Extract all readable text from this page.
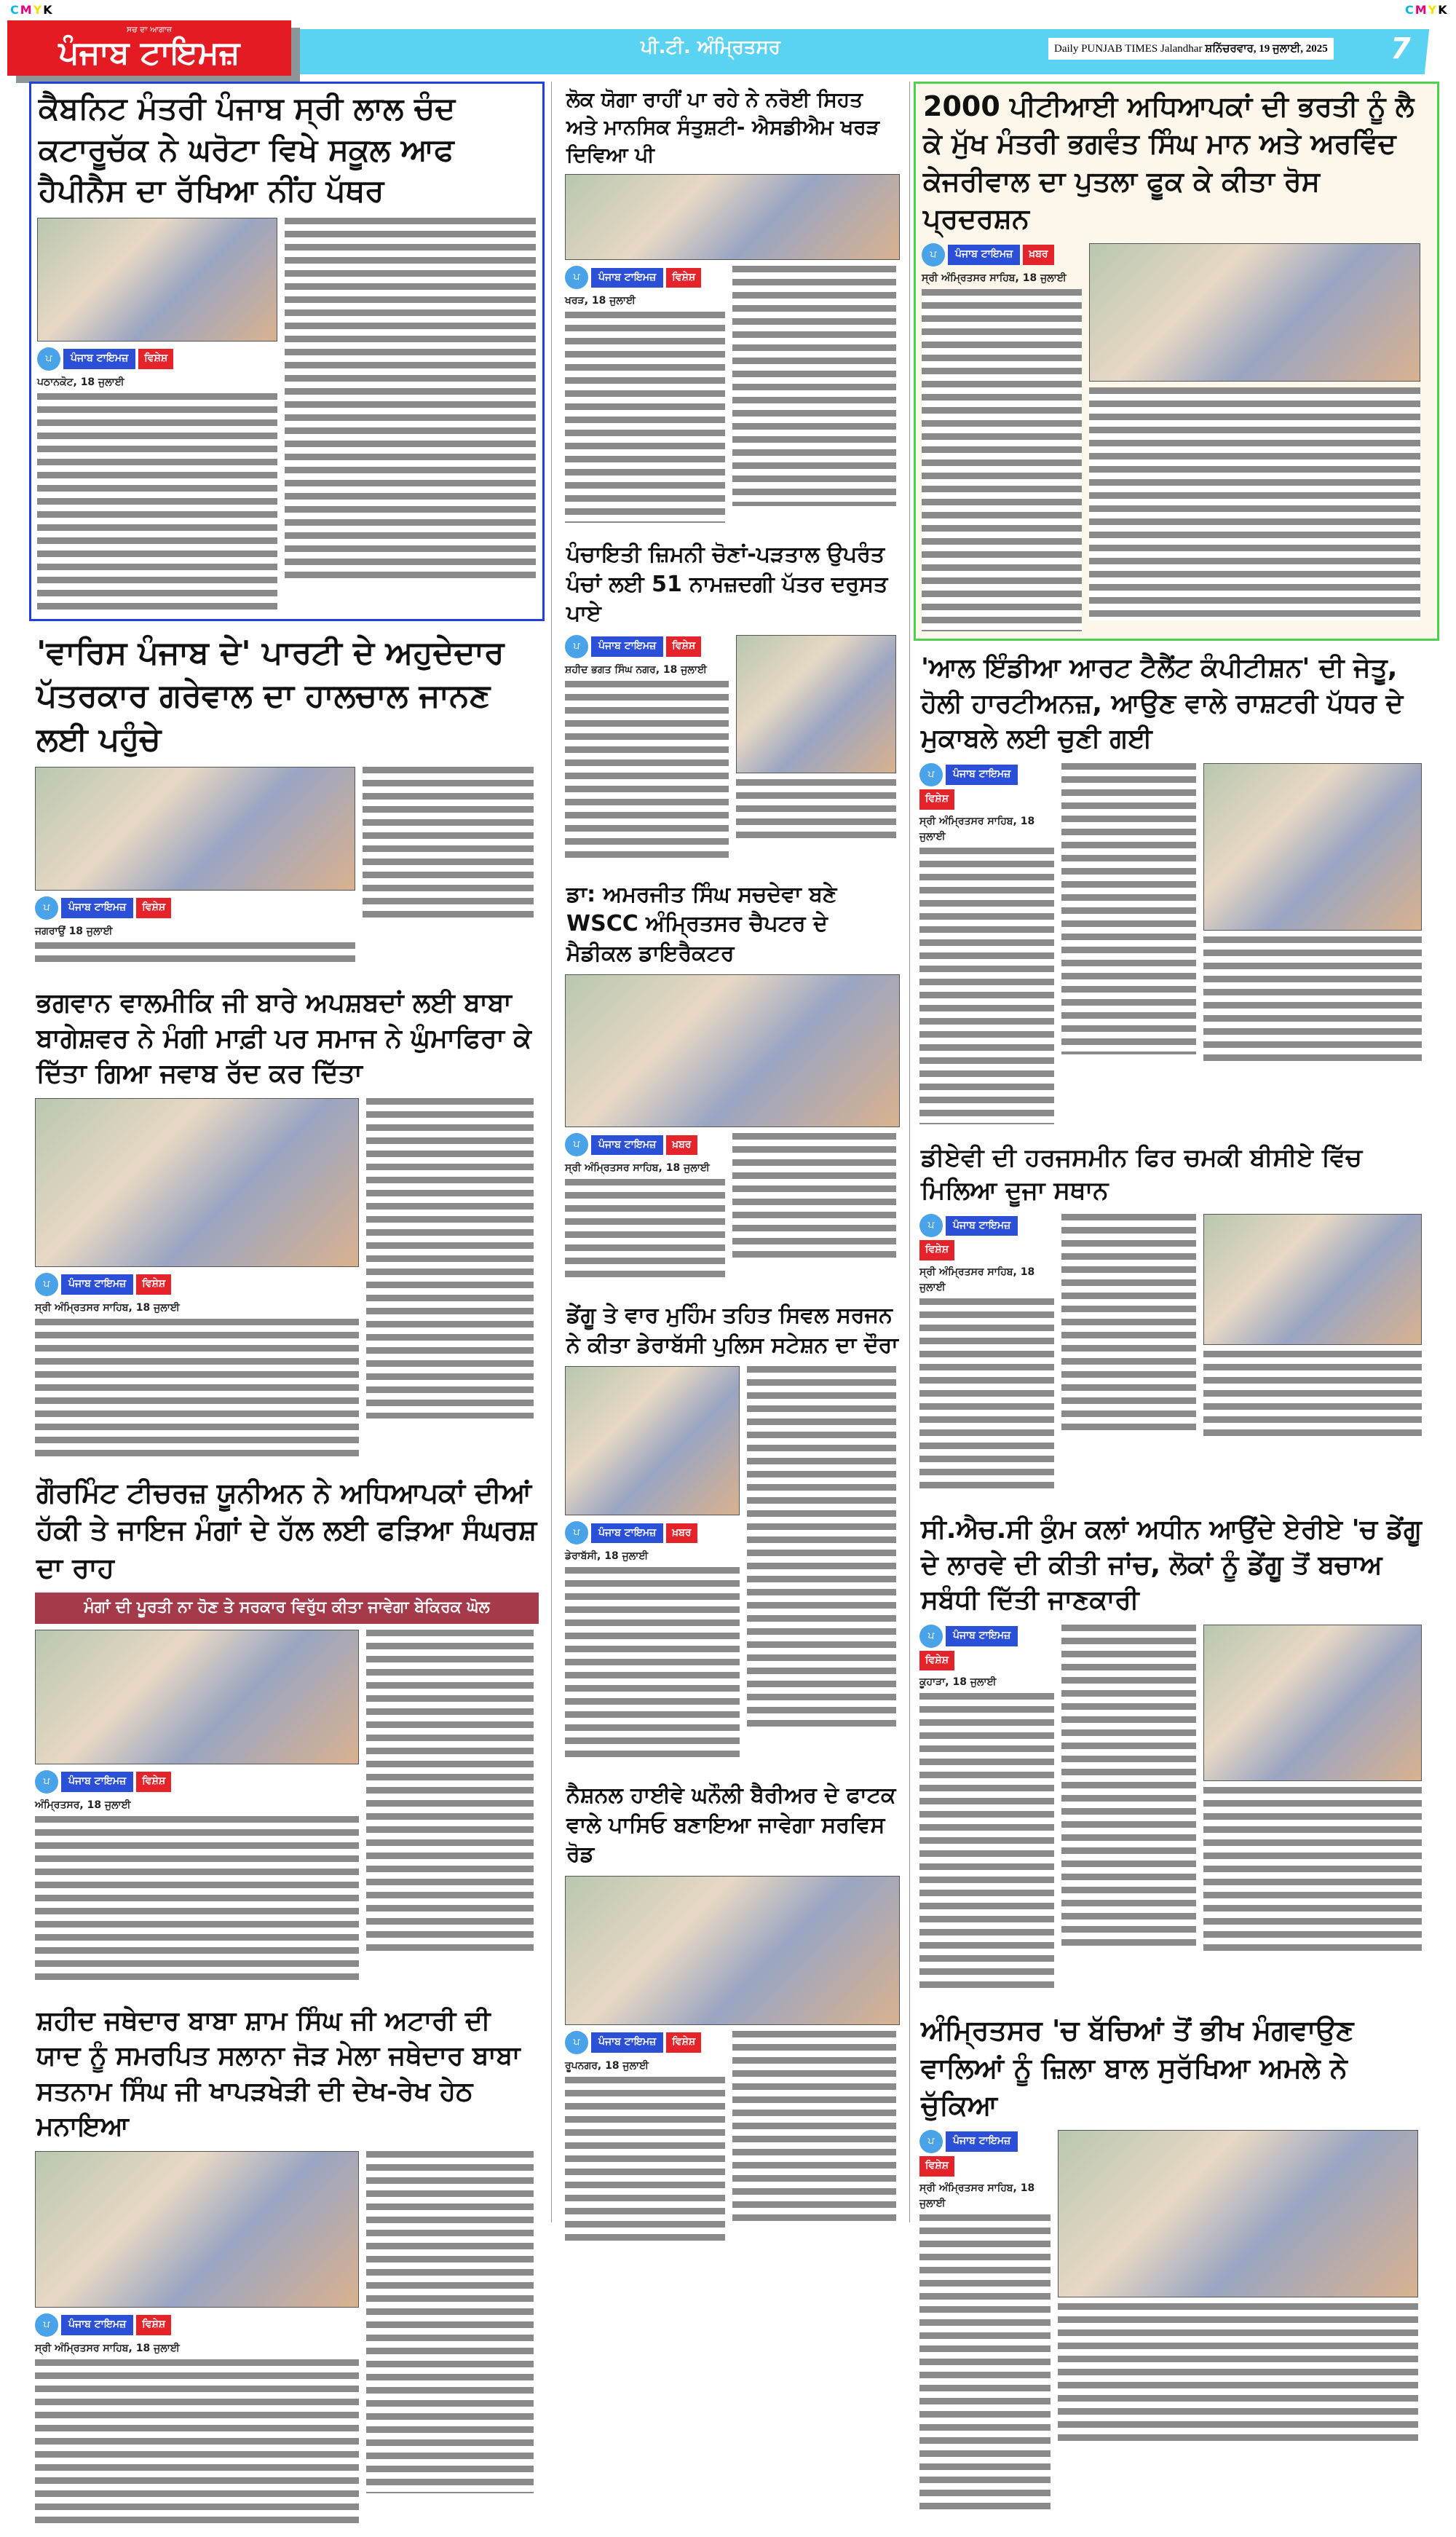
CMYK	CMYK
ਸਚ ਦਾ ਆਗਾਜ਼
ਪੰਜਾਬ ਟਾਇਮਜ਼	ਪੀ.ਟੀ. ਅੰਮ੍ਰਿਤਸਰ	Daily PUNJAB TIMES Jalandhar ਸ਼ਨਿੱਚਰਵਾਰ, 19 ਜੁਲਾਈ, 2025 7
ਕੈਬਨਿਟ ਮੰਤਰੀ ਪੰਜਾਬ ਸ੍ਰੀ ਲਾਲ ਚੰਦ ਕਟਾਰੂਚੱਕ ਨੇ ਘਰੋਟਾ ਵਿਖੇ ਸਕੂਲ ਆਫ ਹੈਪੀਨੈਸ ਦਾ ਰੱਖਿਆ ਨੀਂਹ ਪੱਥਰ
ਪ	ਪੰਜਾਬ ਟਾਇਮਜ਼	ਵਿਸ਼ੇਸ਼
ਪਠਾਨਕੋਟ, 18 ਜੁਲਾਈ
'ਵਾਰਿਸ ਪੰਜਾਬ ਦੇ' ਪਾਰਟੀ ਦੇ ਅਹੁਦੇਦਾਰ ਪੱਤਰਕਾਰ ਗਰੇਵਾਲ ਦਾ ਹਾਲਚਾਲ ਜਾਨਣ ਲਈ ਪਹੁੰਚੇ
ਪ	ਪੰਜਾਬ ਟਾਇਮਜ਼	ਵਿਸ਼ੇਸ਼
ਜਗਰਾਉਂ 18 ਜੁਲਾਈ
ਭਗਵਾਨ ਵਾਲਮੀਕਿ ਜੀ ਬਾਰੇ ਅਪਸ਼ਬਦਾਂ ਲਈ ਬਾਬਾ ਬਾਗੇਸ਼ਵਰ ਨੇ ਮੰਗੀ ਮਾਫ਼ੀ ਪਰ ਸਮਾਜ ਨੇ ਘੁੰਮਾਫਿਰਾ ਕੇ ਦਿੱਤਾ ਗਿਆ ਜਵਾਬ ਰੱਦ ਕਰ ਦਿੱਤਾ
ਪ	ਪੰਜਾਬ ਟਾਇਮਜ਼	ਵਿਸ਼ੇਸ਼
ਸ੍ਰੀ ਅੰਮ੍ਰਿਤਸਰ ਸਾਹਿਬ, 18 ਜੁਲਾਈ
ਗੌਰਮਿੰਟ ਟੀਚਰਜ਼ ਯੂਨੀਅਨ ਨੇ ਅਧਿਆਪਕਾਂ ਦੀਆਂ ਹੱਕੀ ਤੇ ਜਾਇਜ ਮੰਗਾਂ ਦੇ ਹੱਲ ਲਈ ਫੜਿਆ ਸੰਘਰਸ਼ ਦਾ ਰਾਹ
ਮੰਗਾਂ ਦੀ ਪੂਰਤੀ ਨਾ ਹੋਣ ਤੇ ਸਰਕਾਰ ਵਿਰੁੱਧ ਕੀਤਾ ਜਾਵੇਗਾ ਬੇਕਿਰਕ ਘੋਲ
ਪ	ਪੰਜਾਬ ਟਾਇਮਜ਼	ਵਿਸ਼ੇਸ਼
ਅੰਮ੍ਰਿਤਸਰ, 18 ਜੁਲਾਈ
ਸ਼ਹੀਦ ਜਥੇਦਾਰ ਬਾਬਾ ਸ਼ਾਮ ਸਿੰਘ ਜੀ ਅਟਾਰੀ ਦੀ ਯਾਦ ਨੂੰ ਸਮਰਪਿਤ ਸਲਾਨਾ ਜੋੜ ਮੇਲਾ ਜਥੇਦਾਰ ਬਾਬਾ ਸਤਨਾਮ ਸਿੰਘ ਜੀ ਖਾਪੜਖੇੜੀ ਦੀ ਦੇਖ-ਰੇਖ ਹੇਠ ਮਨਾਇਆ
ਪ	ਪੰਜਾਬ ਟਾਇਮਜ਼	ਵਿਸ਼ੇਸ਼
ਸ੍ਰੀ ਅੰਮ੍ਰਿਤਸਰ ਸਾਹਿਬ, 18 ਜੁਲਾਈ
ਲੋਕ ਯੋਗਾ ਰਾਹੀਂ ਪਾ ਰਹੇ ਨੇ ਨਰੋਈ ਸਿਹਤ ਅਤੇ ਮਾਨਸਿਕ ਸੰਤੁਸ਼ਟੀ- ਐਸਡੀਐਮ ਖਰੜ ਦਿਵਿਆ ਪੀ
ਪ	ਪੰਜਾਬ ਟਾਇਮਜ਼	ਵਿਸ਼ੇਸ਼
ਖਰੜ, 18 ਜੁਲਾਈ
ਪੰਚਾਇਤੀ ਜ਼ਿਮਨੀ ਚੋਣਾਂ-ਪੜਤਾਲ ਉਪਰੰਤ ਪੰਚਾਂ ਲਈ 51 ਨਾਮਜ਼ਦਗੀ ਪੱਤਰ ਦਰੁਸਤ ਪਾਏ
ਪ	ਪੰਜਾਬ ਟਾਇਮਜ਼	ਵਿਸ਼ੇਸ਼
ਸ਼ਹੀਦ ਭਗਤ ਸਿੰਘ ਨਗਰ, 18 ਜੁਲਾਈ
ਡਾ: ਅਮਰਜੀਤ ਸਿੰਘ ਸਚਦੇਵਾ ਬਣੇ WSCC ਅੰਮ੍ਰਿਤਸਰ ਚੈਪਟਰ ਦੇ ਮੈਡੀਕਲ ਡਾਇਰੈਕਟਰ
ਪ	ਪੰਜਾਬ ਟਾਇਮਜ਼	ਖ਼ਬਰ
ਸ੍ਰੀ ਅੰਮ੍ਰਿਤਸਰ ਸਾਹਿਬ, 18 ਜੁਲਾਈ
ਡੇਂਗੂ ਤੇ ਵਾਰ ਮੁਹਿੰਮ ਤਹਿਤ ਸਿਵਲ ਸਰਜਨ ਨੇ ਕੀਤਾ ਡੇਰਾਬੱਸੀ ਪੁਲਿਸ ਸਟੇਸ਼ਨ ਦਾ ਦੌਰਾ
ਪ	ਪੰਜਾਬ ਟਾਇਮਜ਼	ਖ਼ਬਰ
ਡੇਰਾਬੱਸੀ, 18 ਜੁਲਾਈ
ਨੈਸ਼ਨਲ ਹਾਈਵੇ ਘਨੌਲੀ ਬੈਰੀਅਰ ਦੇ ਫਾਟਕ ਵਾਲੇ ਪਾਸਿਓ ਬਣਾਇਆ ਜਾਵੇਗਾ ਸਰਵਿਸ ਰੋਡ
ਪ	ਪੰਜਾਬ ਟਾਇਮਜ਼	ਵਿਸ਼ੇਸ਼
ਰੂਪਨਗਰ, 18 ਜੁਲਾਈ
2000 ਪੀਟੀਆਈ ਅਧਿਆਪਕਾਂ ਦੀ ਭਰਤੀ ਨੂੰ ਲੈ ਕੇ ਮੁੱਖ ਮੰਤਰੀ ਭਗਵੰਤ ਸਿੰਘ ਮਾਨ ਅਤੇ ਅਰਵਿੰਦ ਕੇਜਰੀਵਾਲ ਦਾ ਪੁਤਲਾ ਫੂਕ ਕੇ ਕੀਤਾ ਰੋਸ ਪ੍ਰਦਰਸ਼ਨ
ਪ	ਪੰਜਾਬ ਟਾਇਮਜ਼	ਖ਼ਬਰ
ਸ੍ਰੀ ਅੰਮ੍ਰਿਤਸਰ ਸਾਹਿਬ, 18 ਜੁਲਾਈ
'ਆਲ ਇੰਡੀਆ ਆਰਟ ਟੈਲੈਂਟ ਕੰਪੀਟੀਸ਼ਨ' ਦੀ ਜੇਤੂ, ਹੋਲੀ ਹਾਰਟੀਅਨਜ਼, ਆਉਣ ਵਾਲੇ ਰਾਸ਼ਟਰੀ ਪੱਧਰ ਦੇ ਮੁਕਾਬਲੇ ਲਈ ਚੁਣੀ ਗਈ
ਪ	ਪੰਜਾਬ ਟਾਇਮਜ਼
ਵਿਸ਼ੇਸ਼
ਸ੍ਰੀ ਅੰਮ੍ਰਿਤਸਰ ਸਾਹਿਬ, 18 ਜੁਲਾਈ
ਡੀਏਵੀ ਦੀ ਹਰਜਸਮੀਨ ਫਿਰ ਚਮਕੀ ਬੀਸੀਏ ਵਿੱਚ ਮਿਲਿਆ ਦੂਜਾ ਸਥਾਨ
ਪ	ਪੰਜਾਬ ਟਾਇਮਜ਼
ਵਿਸ਼ੇਸ਼
ਸ੍ਰੀ ਅੰਮ੍ਰਿਤਸਰ ਸਾਹਿਬ, 18 ਜੁਲਾਈ
ਸੀ.ਐਚ.ਸੀ ਕੁੰਮ ਕਲਾਂ ਅਧੀਨ ਆਉਂਦੇ ਏਰੀਏ 'ਚ ਡੇਂਗੂ ਦੇ ਲਾਰਵੇ ਦੀ ਕੀਤੀ ਜਾਂਚ, ਲੋਕਾਂ ਨੂੰ ਡੇਂਗੂ ਤੋਂ ਬਚਾਅ ਸਬੰਧੀ ਦਿੱਤੀ ਜਾਣਕਾਰੀ
ਪ	ਪੰਜਾਬ ਟਾਇਮਜ਼
ਵਿਸ਼ੇਸ਼
ਕੂਹਾੜਾ, 18 ਜੁਲਾਈ
ਅੰਮ੍ਰਿਤਸਰ 'ਚ ਬੱਚਿਆਂ ਤੋਂ ਭੀਖ ਮੰਗਵਾਉਣ ਵਾਲਿਆਂ ਨੂੰ ਜ਼ਿਲਾ ਬਾਲ ਸੁਰੱਖਿਆ ਅਮਲੇ ਨੇ ਚੁੱਕਿਆ
ਪ	ਪੰਜਾਬ ਟਾਇਮਜ਼
ਵਿਸ਼ੇਸ਼
ਸ੍ਰੀ ਅੰਮ੍ਰਿਤਸਰ ਸਾਹਿਬ, 18 ਜੁਲਾਈ
